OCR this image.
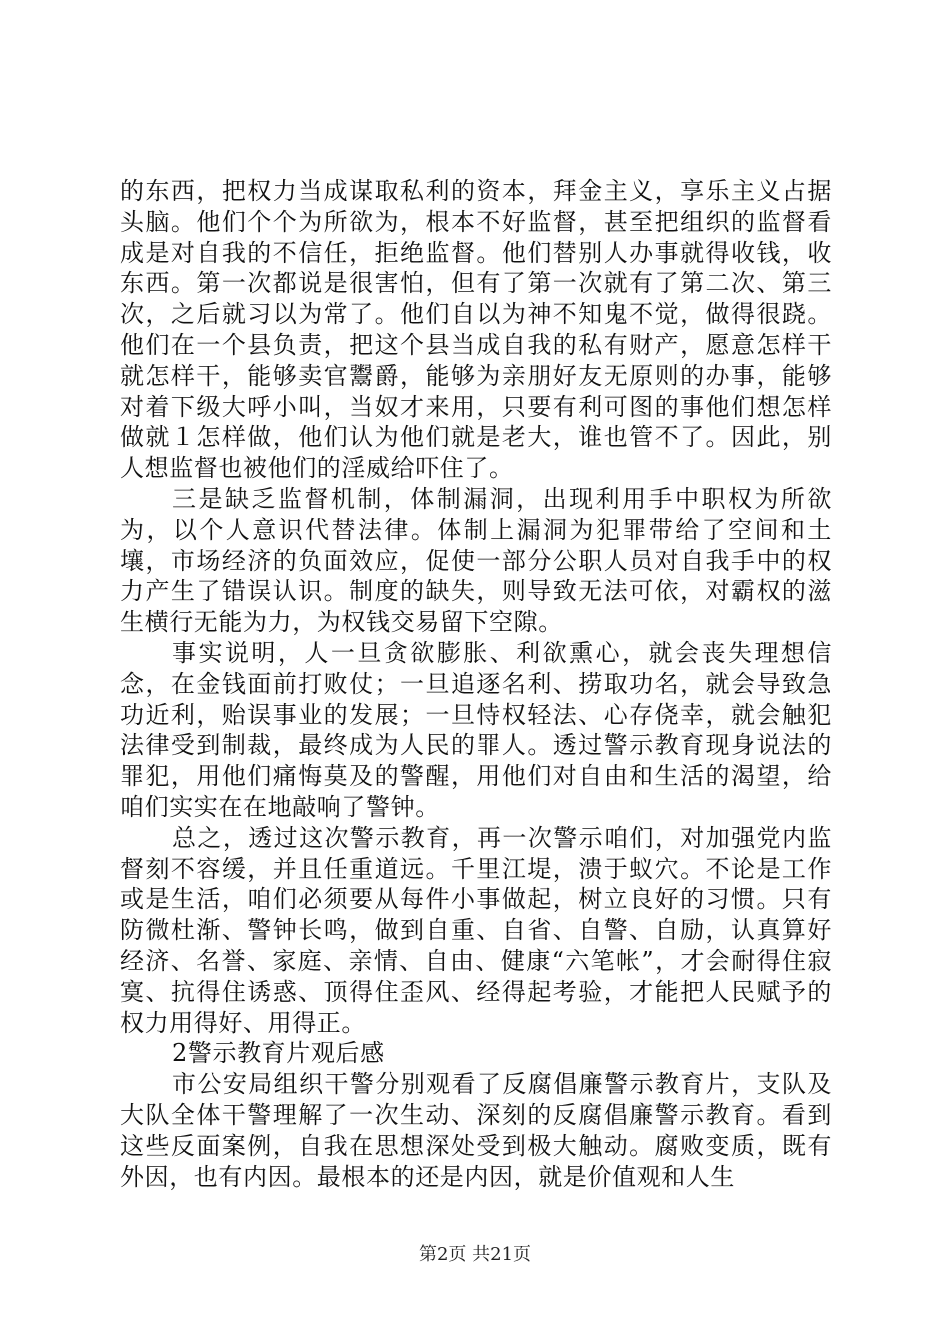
的东西，把权力当成谋取私利的资本，拜金主义，享乐主义占据头脑。他们个个为所欲为，根本不好监督，甚至把组织的监督看成是对自我的不信任，拒绝监督。他们替别人办事就得收钱，收东西。第一次都说是很害怕，但有了第一次就有了第二次、第三次，之后就习以为常了。他们自以为神不知鬼不觉，做得很跷。他们在一个县负责，把这个县当成自我的私有财产，愿意怎样干就怎样干，能够卖官鬻爵，能够为亲朋好友无原则的办事，能够对着下级大呼小叫，当奴才来用，只要有利可图的事他们想怎样做就１怎样做，他们认为他们就是老大，谁也管不了。因此，别人想监督也被他们的淫威给吓住了。

三是缺乏监督机制，体制漏洞，出现利用手中职权为所欲为，以个人意识代替法律。体制上漏洞为犯罪带给了空间和土壤，市场经济的负面效应，促使一部分公职人员对自我手中的权力产生了错误认识。制度的缺失，则导致无法可依，对霸权的滋生横行无能为力，为权钱交易留下空隙。

事实说明，人一旦贪欲膨胀、利欲熏心，就会丧失理想信念，在金钱面前打败仗；一旦追逐名利、捞取功名，就会导致急功近利，贻误事业的发展；一旦恃权轻法、心存侥幸，就会触犯法律受到制裁，最终成为人民的罪人。透过警示教育现身说法的罪犯，用他们痛悔莫及的警醒，用他们对自由和生活的渴望，给咱们实实在在地敲响了警钟。

总之，透过这次警示教育，再一次警示咱们，对加强党内监督刻不容缓，并且任重道远。千里江堤，溃于蚁穴。不论是工作或是生活，咱们必须要从每件小事做起，树立良好的习惯。只有防微杜渐、警钟长鸣，做到自重、自省、自警、自励，认真算好经济、名誉、家庭、亲情、自由、健康“六笔帐”，才会耐得住寂寞、抗得住诱惑、顶得住歪风、经得起考验，才能把人民赋予的权力用得好、用得正。

2警示教育片观后感

市公安局组织干警分别观看了反腐倡廉警示教育片，支队及大队全体干警理解了一次生动、深刻的反腐倡廉警示教育。看到这些反面案例，自我在思想深处受到极大触动。腐败变质，既有外因，也有内因。最根本的还是内因，就是价值观和人生

第2页 共21页
